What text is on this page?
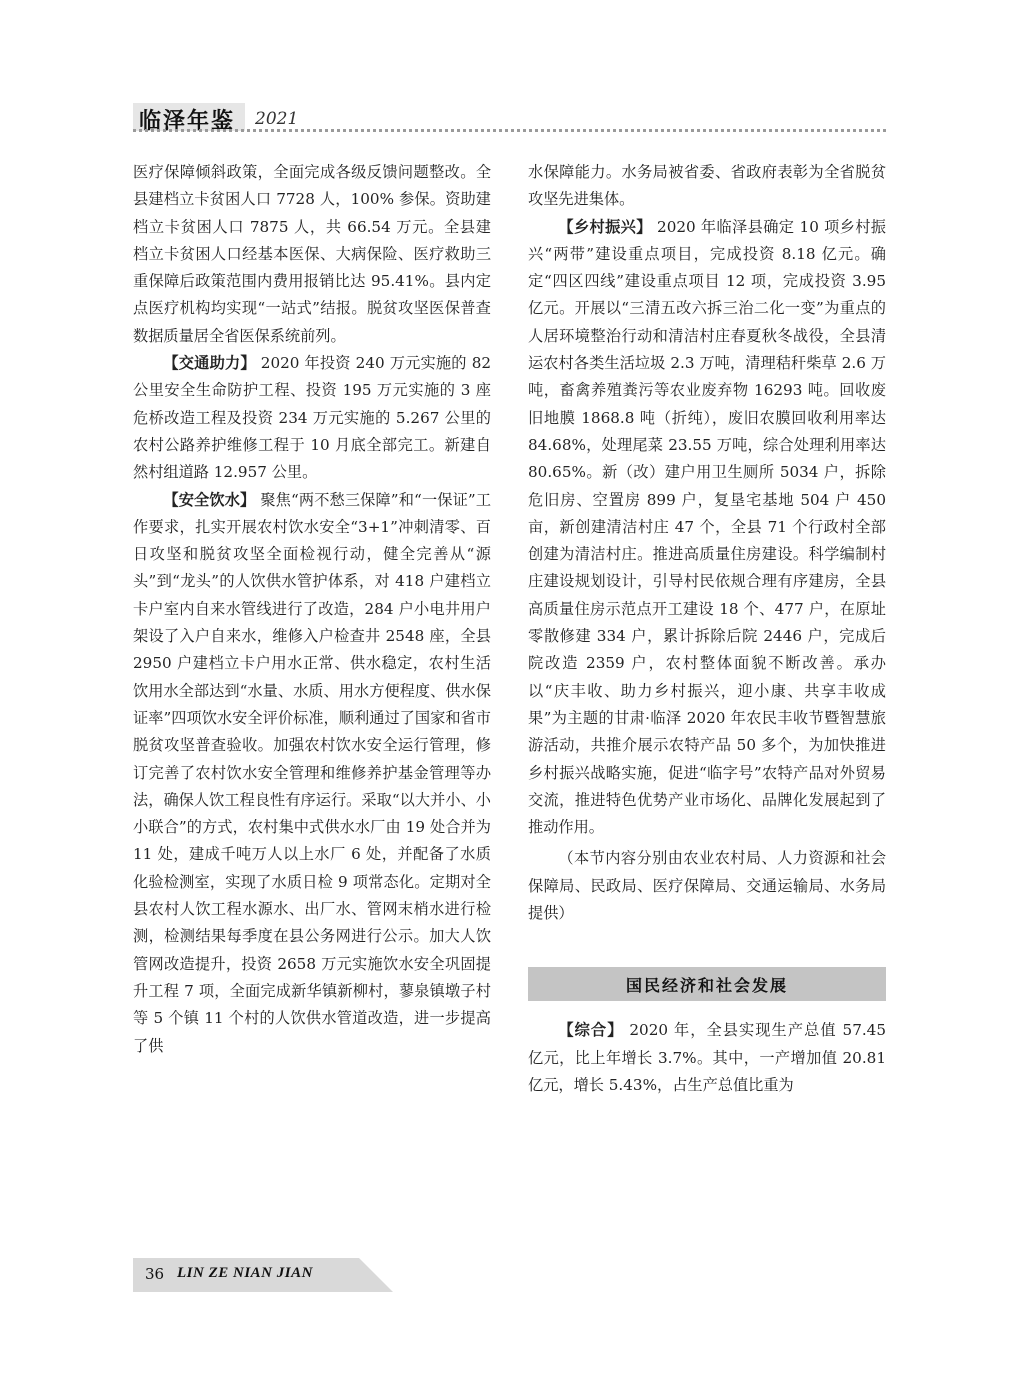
临泽年鉴 2021

医疗保障倾斜政策，全面完成各级反馈问题整改。全县建档立卡贫困人口 7728 人，100% 参保。资助建档立卡贫困人口 7875 人，共 66.54 万元。全县建档立卡贫困人口经基本医保、大病保险、医疗救助三重保障后政策范围内费用报销比达 95.41%。县内定点医疗机构均实现“一站式”结报。脱贫攻坚医保普查数据质量居全省医保系统前列。

【交通助力】 2020 年投资 240 万元实施的 82 公里安全生命防护工程、投资 195 万元实施的 3 座危桥改造工程及投资 234 万元实施的 5.267 公里的农村公路养护维修工程于 10 月底全部完工。新建自然村组道路 12.957 公里。

【安全饮水】 聚焦“两不愁三保障”和“一保证”工作要求，扎实开展农村饮水安全“3+1”冲刺清零、百日攻坚和脱贫攻坚全面检视行动，健全完善从“源头”到“龙头”的人饮供水管护体系，对 418 户建档立卡户室内自来水管线进行了改造，284 户小电井用户架设了入户自来水，维修入户检查井 2548 座，全县 2950 户建档立卡户用水正常、供水稳定，农村生活饮用水全部达到“水量、水质、用水方便程度、供水保证率”四项饮水安全评价标准，顺利通过了国家和省市脱贫攻坚普查验收。加强农村饮水安全运行管理，修订完善了农村饮水安全管理和维修养护基金管理等办法，确保人饮工程良性有序运行。采取“以大并小、小小联合”的方式，农村集中式供水水厂由 19 处合并为 11 处，建成千吨万人以上水厂 6 处，并配备了水质化验检测室，实现了水质日检 9 项常态化。定期对全县农村人饮工程水源水、出厂水、管网末梢水进行检测，检测结果每季度在县公务网进行公示。加大人饮管网改造提升，投资 2658 万元实施饮水安全巩固提升工程 7 项，全面完成新华镇新柳村，蓼泉镇墩子村等 5 个镇 11 个村的人饮供水管道改造，进一步提高了供

水保障能力。水务局被省委、省政府表彰为全省脱贫攻坚先进集体。

【乡村振兴】 2020 年临泽县确定 10 项乡村振兴“两带”建设重点项目，完成投资 8.18 亿元。确定“四区四线”建设重点项目 12 项，完成投资 3.95 亿元。开展以“三清五改六拆三治二化一变”为重点的人居环境整治行动和清洁村庄春夏秋冬战役，全县清运农村各类生活垃圾 2.3 万吨，清理秸秆柴草 2.6 万吨，畜禽养殖粪污等农业废弃物 16293 吨。回收废旧地膜 1868.8 吨（折纯），废旧农膜回收利用率达 84.68%，处理尾菜 23.55 万吨，综合处理利用率达 80.65%。新（改）建户用卫生厕所 5034 户，拆除危旧房、空置房 899 户，复垦宅基地 504 户 450 亩，新创建清洁村庄 47 个，全县 71 个行政村全部创建为清洁村庄。推进高质量住房建设。科学编制村庄建设规划设计，引导村民依规合理有序建房，全县高质量住房示范点开工建设 18 个、477 户，在原址零散修建 334 户，累计拆除后院 2446 户，完成后院改造 2359 户，农村整体面貌不断改善。承办以“庆丰收、助力乡村振兴，迎小康、共享丰收成果”为主题的甘肃·临泽 2020 年农民丰收节暨智慧旅游活动，共推介展示农特产品 50 多个，为加快推进乡村振兴战略实施，促进“临字号”农特产品对外贸易交流，推进特色优势产业市场化、品牌化发展起到了推动作用。

（本节内容分别由农业农村局、人力资源和社会保障局、民政局、医疗保障局、交通运输局、水务局提供）

国民经济和社会发展

【综合】 2020 年，全县实现生产总值 57.45 亿元，比上年增长 3.7%。其中，一产增加值 20.81 亿元，增长 5.43%，占生产总值比重为

36 LIN ZE NIAN JIAN
